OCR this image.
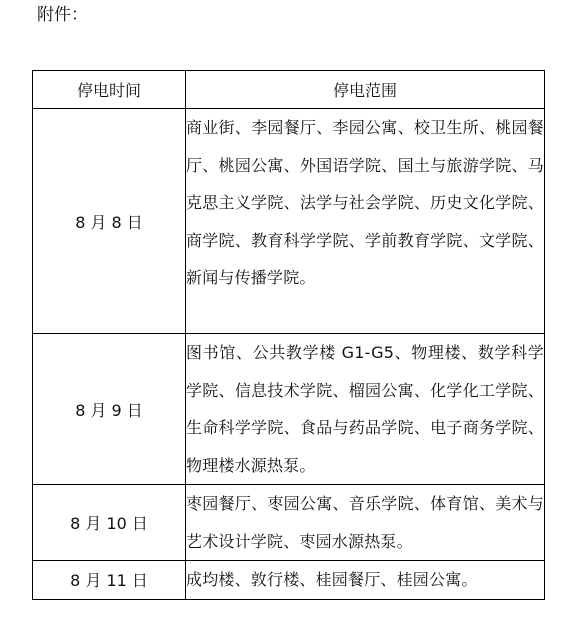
附件：
停电时间	停电范围
8 月 8 日	商业街、李园餐厅、李园公寓、校卫生所、桃园餐厅、桃园公寓、外国语学院、国土与旅游学院、马克思主义学院、法学与社会学院、历史文化学院、商学院、教育科学学院、学前教育学院、文学院、新闻与传播学院。
8 月 9 日	图书馆、公共教学楼 G1-G5、物理楼、数学科学学院、信息技术学院、榴园公寓、化学化工学院、生命科学学院、食品与药品学院、电子商务学院、物理楼水源热泵。
8 月 10 日	枣园餐厅、枣园公寓、音乐学院、体育馆、美术与艺术设计学院、枣园水源热泵。
8 月 11 日	成均楼、敦行楼、桂园餐厅、桂园公寓。
